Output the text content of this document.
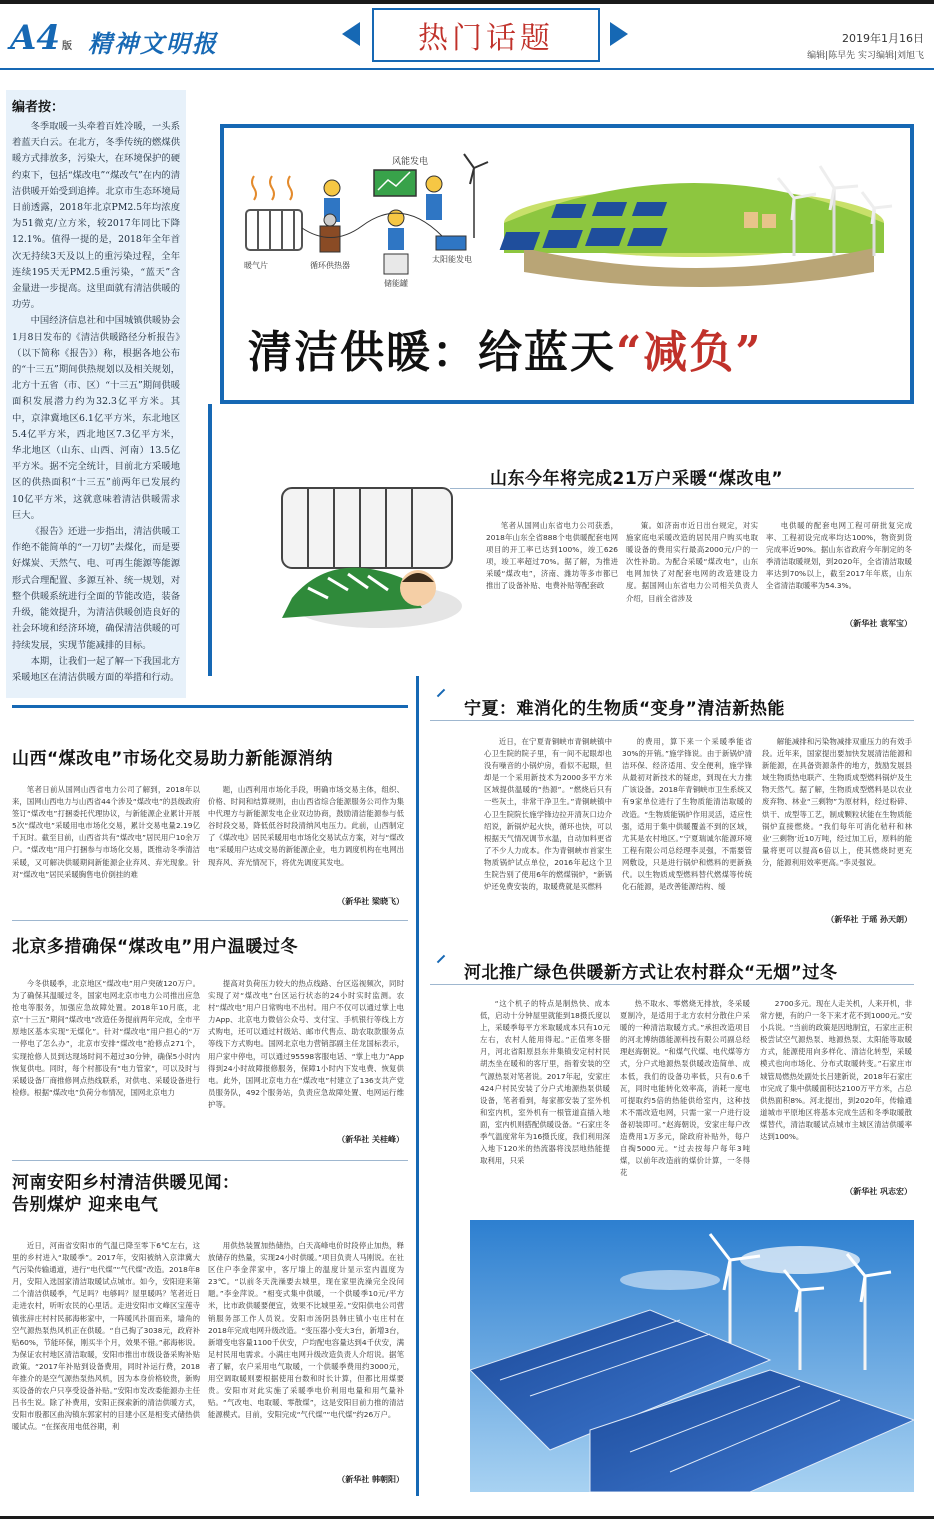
A4 版 精神文明报	热门话题	2019年1月16日
编辑|陈早先 实习编辑|刘旭飞
编者按：

冬季取暖一头牵着百姓冷暖，一头系着蓝天白云。在北方，冬季传统的燃煤供暖方式排放多，污染大，在环境保护的硬约束下，包括“煤改电”“煤改气”在内的清洁供暖开始受到追捧。北京市生态环境局日前透露，2018年北京PM2.5年均浓度为51微克/立方米，较2017年同比下降12.1%。值得一提的是，2018年全年首次无持续3天及以上的重污染过程，全年连续195天无PM2.5重污染，“蓝天”含金量进一步提高。这里面就有清洁供暖的功劳。

中国经济信息社和中国城镇供暖协会1月8日发布的《清洁供暖路径分析报告》（以下简称《报告》）称，根据各地公布的“十三五”期间供热规划以及相关规划，北方十五省（市、区）“十三五”期间供暖面积发展潜力约为32.3亿平方米。其中，京津冀地区6.1亿平方米，东北地区5.4亿平方米，西北地区7.3亿平方米，华北地区（山东、山西、河南）13.5亿平方米。据不完全统计，目前北方采暖地区的供热面积“十三五”前两年已发展约10亿平方米，这就意味着清洁供暖需求巨大。

《报告》还进一步指出，清洁供暖工作绝不能简单的“一刀切”去煤化，而是要好煤炭、天然气、电、可再生能源等能源形式合理配置、多源互补、统一规划，对整个供暖系统进行全面的节能改造，装备升级，能效提升，为清洁供暖创造良好的社会环境和经济环境，确保清洁供暖的可持续发展，实现节能减排的目标。

本期，让我们一起了解一下我国北方采暖地区在清洁供暖方面的举措和行动。

风能发电
暖气片	循环供热器
储能罐
太阳能发电
清洁供暖：给蓝天“减负”
山东今年将完成21万户采暖“煤改电”
笔者从国网山东省电力公司获悉，2018年山东全省888个电供暖配套电网项目的开工率已达到100%，竣工626项，竣工率超过70%。据了解，为推进采暖“煤改电”，济南、潍坊等多市都已推出了设备补贴、电费补贴等配套政
策。如济南市近日出台规定，对实施家庭电采暖改造的居民用户购买电取暖设备的费用实行最高2000元/户的一次性补助。为配合采暖“煤改电”，山东电网加快了对配套电网的改造建设力度。据国网山东省电力公司相关负责人介绍，目前全省涉及
电供暖的配套电网工程可研批复完成率、工程初设完成率均达100%，物资到货完成率近90%。据山东省政府今年制定的冬季清洁取暖规划，到2020年，全省清洁取暖率达到70%以上，截至2017年年底，山东全省清洁取暖率为54.3%。
（新华社 袁军宝）
宁夏：难消化的生物质“变身”清洁新热能
近日，在宁夏青铜峡市青铜峡镇中心卫生院的院子里，有一间不起眼却也没有噪音的小锅炉房，看似不起眼，但却是一个采用新技术为2000多平方米区域提供温暖的“热源”。“燃烧后只有一些灰土，非常干净卫生。”青铜峡镇中心卫生院院长施学锋边拉开清灰口边介绍说，新锅炉起火快，循环也快，可以根据天气情况调节水温，自动加料更省了不少人力成本。作为青铜峡市首家生物质锅炉试点单位，2016年起这个卫生院告别了使用6年的燃煤锅炉，“新锅炉还免费安装的，取暖费就是买燃料
的费用，算下来一个采暖季能省30%的开销。”施学锋说。由于新锅炉清洁环保、经济适用、安全便利，施学锋从最初对新技术的疑虑，到现在大力推广该设备。2018年青铜峡市卫生系统又有9家单位进行了生物质能清洁取暖的改造。“生物质能锅炉作用灵活，适应性强，适用于集中供暖覆盖不到的区域，尤其是农村地区。”宁夏瑞诚尔能源环境工程有限公司总经理李灵强，不需要管网敷设，只是进行锅炉和燃料的更新换代。以生物质成型燃料替代燃煤等传统化石能源，是改善能源结构、缓
解能减排和污染物减排双重压力的有效手段。近年来，国家提出要加快发展清洁能源和新能源，在具备资源条件的地方，鼓励发展县域生物质热电联产、生物质成型燃料锅炉及生物天然气。据了解，生物质成型燃料是以农业废弃物、林业“三剩物”为原材料，经过粉碎、烘干、成型等工艺，制成颗粒状能在生物质能锅炉直接燃烧。“我们每年可消化秸秆和林业‘三剩物’近10万吨，经过加工后，原料的能量将更可以提高6倍以上，使其燃烧时更充分，能源利用效率更高。”李灵强说。
（新华社 于瑶 孙天朗）
山西“煤改电”市场化交易助力新能源消纳
笔者日前从国网山西省电力公司了解到，2018年以来，国网山西电力与山西省44个涉及“煤改电”的县级政府签订“煤改电”打捆委托代理协议，与新能源企业累计开展5次“煤改电”采暖用电市场化交易，累计交易电量2.19亿千瓦时。截至目前，山西省共有“煤改电”居民用户10余万户。“煤改电”用户打捆参与市场化交易，既推动冬季清洁采暖，又可解决供暖期间新能源企业弃风、弃光现象。针对“煤改电”居民采暖胸售电价倒挂的难
题，山西利用市场化手段，明确市场交易主体，组织、价格、时间和结算规则，由山西省综合能源服务公司作为集中代理方与新能源发电企业双边协商，鼓励清洁能源参与低谷时段交易，降低低谷时段清纳风电压力。此前，山西制定了《煤改电》居民采暖用电市场化交易试点方案，对与“煤改电”采暖用户达成交易的新能源企业，电力调度机构在电网出现弃风、弃光情况下，将优先调度其发电。
（新华社 梁晓飞）
北京多措确保“煤改电”用户温暖过冬
今冬供暖季，北京地区“煤改电”用户突破120万户。为了确保其温暖过冬，国家电网北京市电力公司推出应急抢电等服务，加强应急故障处置。2018年10月底，北京“十三五”期间“煤改电”改造任务提前两年完成，全市平原地区基本实现“无煤化”。针对“煤改电”用户担心的“万一停电了怎么办”，北京市安排“煤改电”抢修点271个，实现抢修人员到达现场时间不超过30分钟，确保5小时内恢复供电。同时，每个村都设有“电力管家”，可以及时与采暖设备厂商推修网点热线联系，对供电、采暖设备进行检修。根据“煤改电”负荷分布情况，国网北京电力
提高对负荷压力较大的热点线路、台区巡视频次，同时实现了对“煤改电”台区运行状态的24小时实时监测。农村“煤改电”用户日常购电不出村。用户不仅可以通过掌上电力App、北京电力微信公众号、支付宝、手机银行等线上方式购电，还可以通过村级站、邮市代售点、助农取款服务点等线下方式购电。国网北京电力营销部副主任龙国标表示，用户家中停电，可以通过95598客服电话、“掌上电力”App得到24小时故障报修服务，保障1小时内下发电费、恢复供电。此外，国网北京电力在“煤改电”村建立了136支共产党员服务队，492个服务站，负责应急故障处置、电网运行维护等。
（新华社 关桂峰）
河北推广绿色供暖新方式让农村群众“无烟”过冬
“这个机子的特点是制热快、成本低，启动十分钟屋里就能到18摄氏度以上，采暖季每平方米取暖成本只有10元左右，农村人能用得起。”正值寒冬腊月，河北省阳原县东井集镇安定村村民胡杰坐在暖和的客厅里，指着安装的空气源热泵对笔者说。2017年起，安家庄424户村民安装了分户式地源热泵供暖设备，笔者看到，每家都安装了室外机和室内机，室外机有一根管道直插入地面，室内机则搭配供暖设备。“石家庄冬季气温度常年为16摄氏度，我们利用深入地下120米的热流器将浅层地热能提取利用，只采
热不取水、零燃烧无排放，冬采暖夏制冷，是适用于北方农村分散住户采暖的一种清洁取暖方式。”承担改造项目的河北博纳德能源科技有限公司副总经理赵海朝说。“和煤气代煤、电代煤等方式，分户式地源热泵供暖改造简单、成本低，我们的设备功率低，只有0.6千瓦，同时电能转化效率高，消耗一度电可提取约5倍的热能供给室内，这种技术不需改造电网，只需一家一户进行设备初装即可。”赵海朝说，安家庄每户改造费用1万多元，除政府补贴外，每户自掏5000元。“过去按每户每年3吨煤，以前年改造前的煤价计算，一冬得花
2700多元。现在人走关机，人来开机，非常方便，有的户一冬下来才花不到1000元。”安小兵说。“当前的政策是因地制宜，石家庄正积极尝试空气源热泵、地源热泵、太阳能等取暖方式，能源使用向多样化、清洁化转型，采暖模式也向市场化、分布式取暖转变。”石家庄市城管局燃热处副处长吕建新说，2018年石家庄市完成了集中供暖面积达2100万平方米，占总供热面积8%。河北提出，到2020年，传输通道城市平原地区将基本完成生活和冬季取暖散煤替代，清洁取暖试点城市主城区清洁供暖率达到100%。
（新华社 巩志宏）
河南安阳乡村清洁供暖见闻：
告别煤炉 迎来电气
近日，河南省安阳市的气温已降至零下6℃左右，这里的乡村进入“取暖季”。2017年，安阳被纳入京津冀大气污染传输通道，进行“电代煤”“气代煤”改造。2018年8月，安阳入选国家清洁取暖试点城市。如今，安阳迎来第二个清洁供暖季，气足吗？电够吗？屋里暖吗？笔者近日走进农村，听听农民的心里话。走进安阳市文峰区宝莲寺镇张辞庄村村民郝海彬家中，一阵暖风扑面而来，墙角的空气源热泵热风机正在供暖。“自己掏了3038元，政府补贴60%，节能环保，刚买半个月，效果不错。”郝海彬说。为保证农村地区清洁取暖，安阳市推出市级设备采购补贴政策。“2017年补贴到设备费用，同时补运行费，2018年推介的是空气源热泵热风机，因为本身价格较贵，新购买设备的农户只享受设备补贴。”安阳市发改委能源办主任吕书生说。除了补费用，安阳正探索新的清洁供暖方式，安阳市殷都区曲沟镇东郭家村的目建小区是相变式储热供暖试点。“在探夜用电低谷期，利
用供热装置加热储热，白天高峰电价时段停止加热，释放储存的热量，实现24小时供暖。”项目负责人马刚说。在社区住户李金萍家中，客厅墙上的温度计显示室内温度为23℃。“以前冬天洗澡要去城里，现在家里洗澡完全没问题。”李金萍说。“相变式集中供暖，一个供暖季10元/平方米，比市政供暖要便宜，效果不比城里差。”安阳供电公司营销服务部工作人员说。安阳市汤阴县韩庄镇小屯庄村在2018年完成电网升级改造。“变压器小变大3台，新增3台，新增变电容量1100千伏安，户均配电容量达到4千伏安，满足村民用电需求。小满庄电网升级改造负责人介绍说。据笔者了解，农户采用电气取暖，一个供暖季费用约3000元，用空调取暖则要根据使用台数和时长计算，但都比用煤要贵。安阳市对此实施了采暖季电价利用电量和用气量补贴。“气改电、电取暖、零散煤”，这是安阳目前力推的清洁能源模式。目前，安阳完成“气代煤”“电代煤”约26万户。
（新华社 韩朝阳）
